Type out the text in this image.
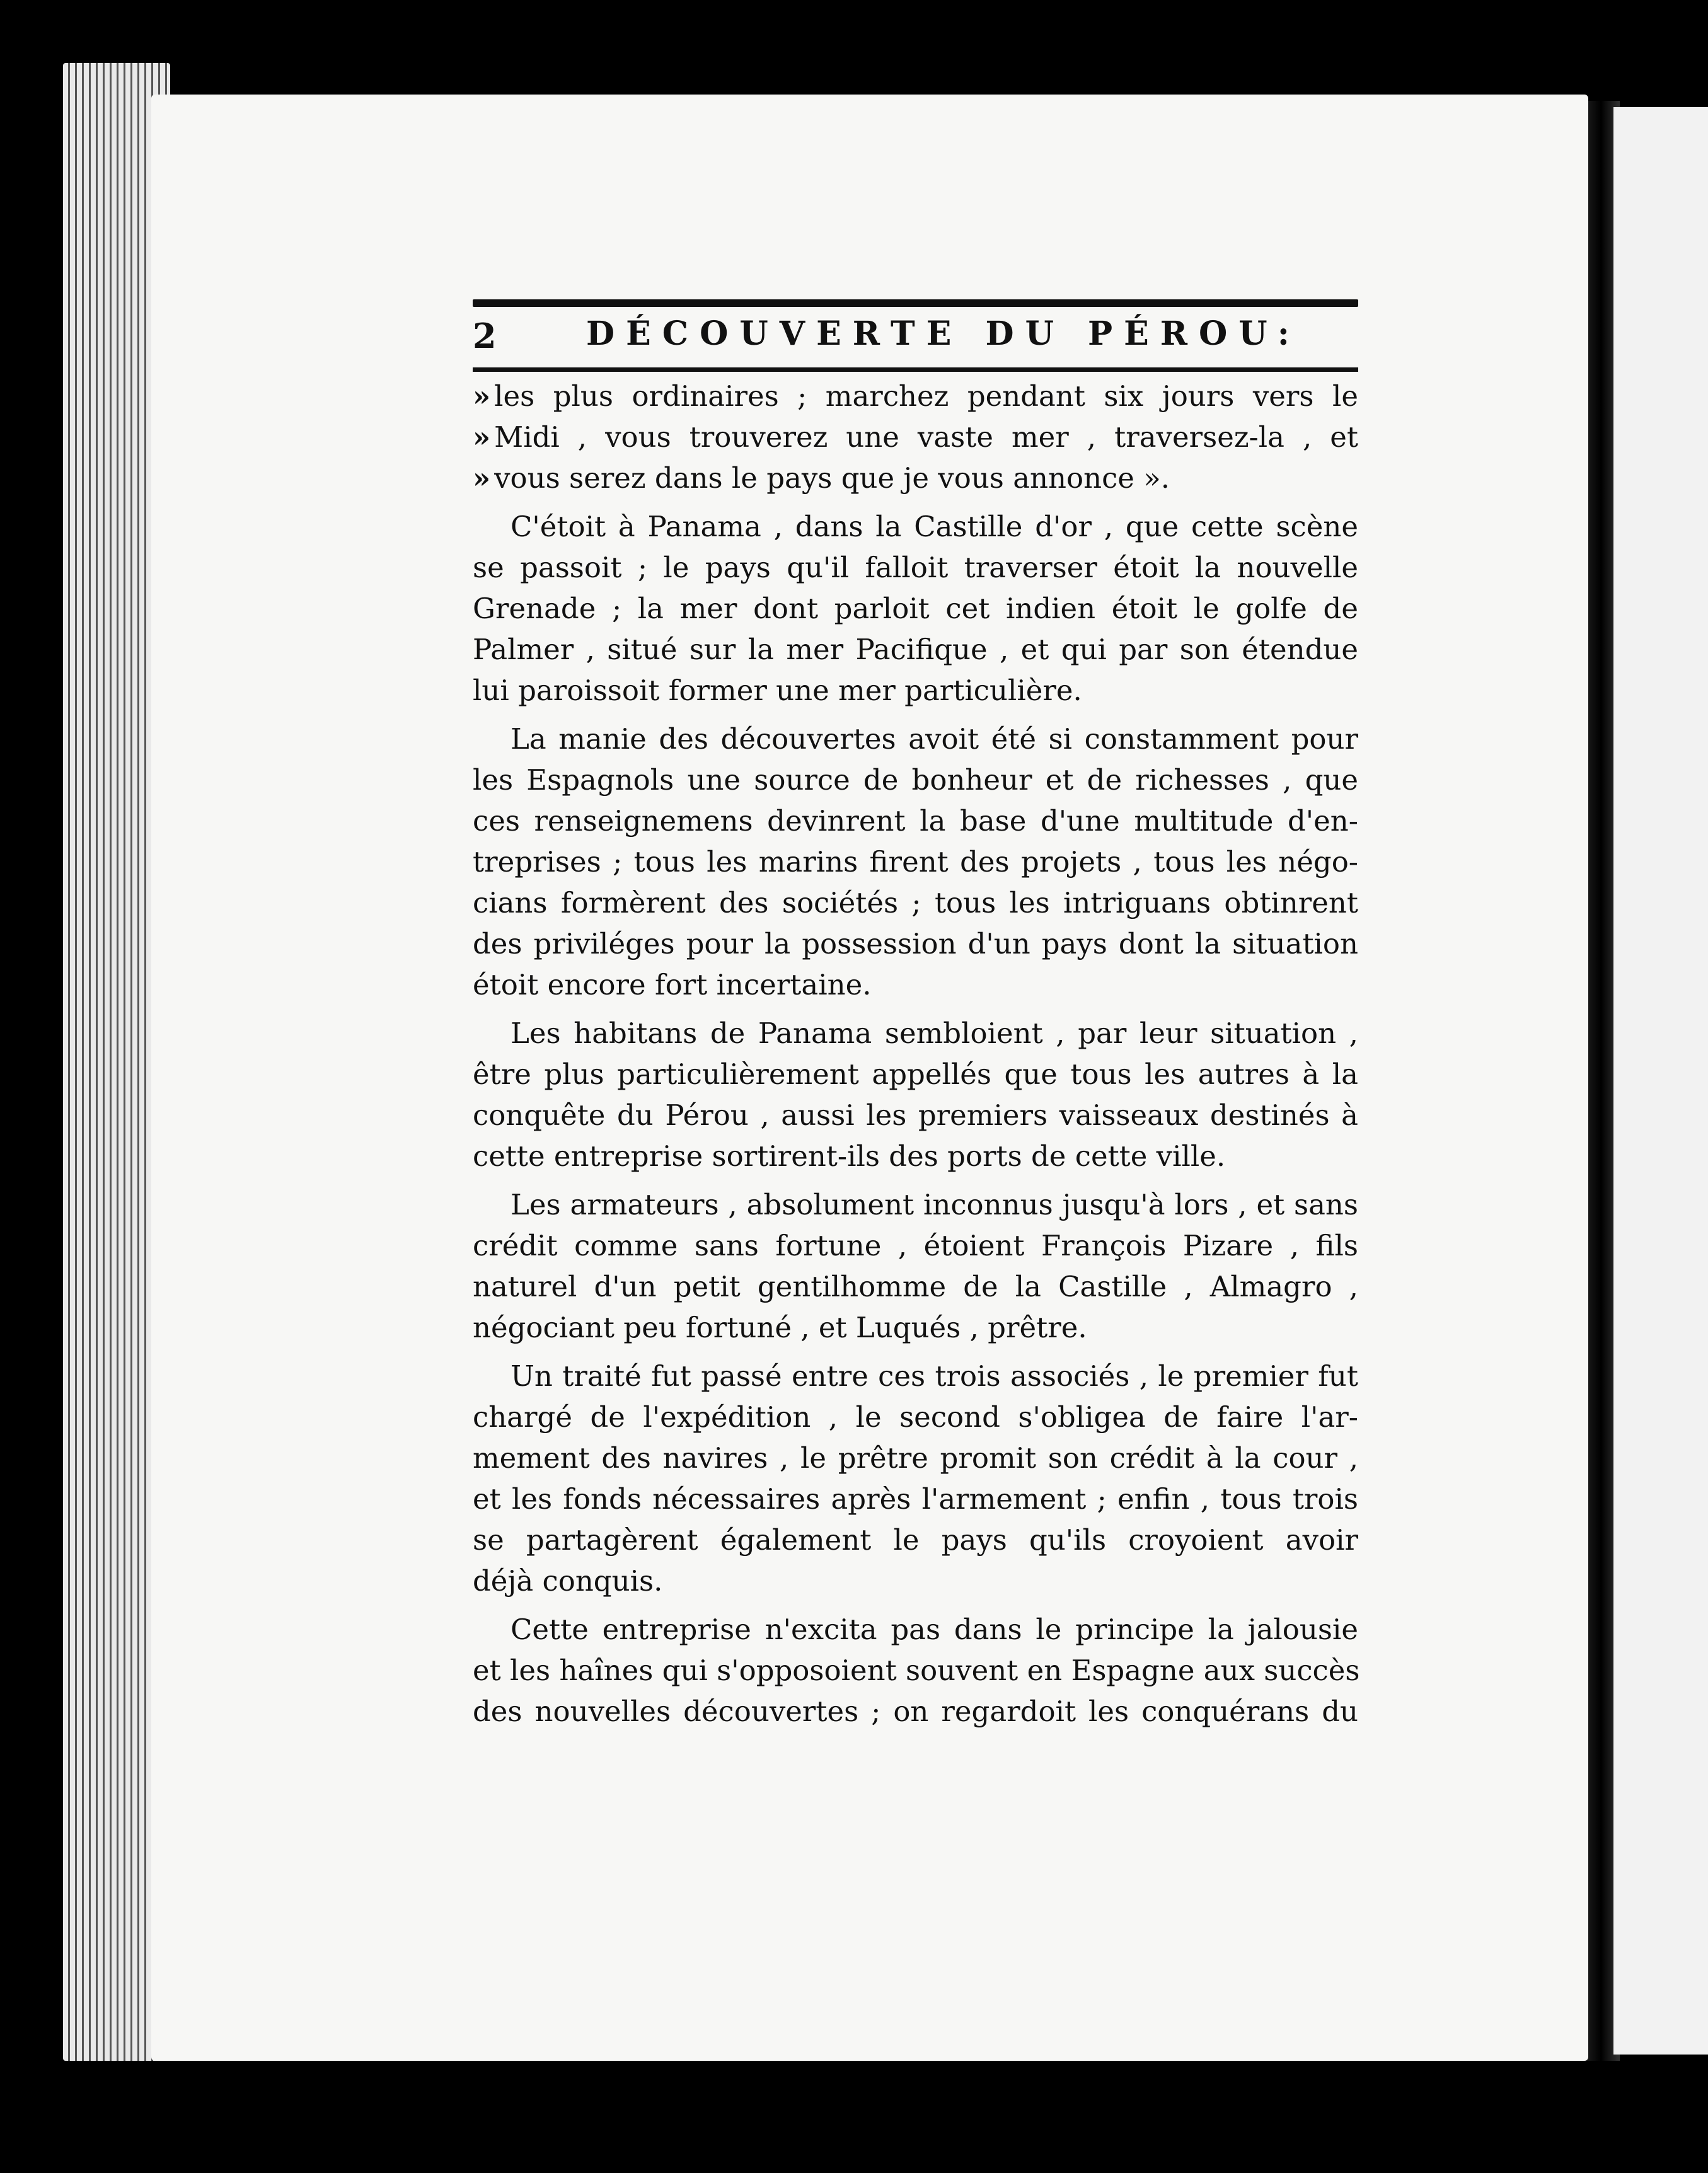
2	DÉCOUVERTE DU PÉROU:
» les plus ordinaires ; marchez pendant six jours vers le
» Midi , vous trouverez une vaste mer , traversez-la , et
» vous serez dans le pays que je vous annonce ».
C'étoit à Panama , dans la Castille d'or , que cette scène
se passoit ; le pays qu'il falloit traverser étoit la nouvelle
Grenade ; la mer dont parloit cet indien étoit le golfe de
Palmer , situé sur la mer Pacifique , et qui par son étendue
lui paroissoit former une mer particulière.
La manie des découvertes avoit été si constamment pour
les Espagnols une source de bonheur et de richesses , que
ces renseignemens devinrent la base d'une multitude d'en-
treprises ; tous les marins firent des projets , tous les négo-
cians formèrent des sociétés ; tous les intriguans obtinrent
des priviléges pour la possession d'un pays dont la situation
étoit encore fort incertaine.
Les habitans de Panama sembloient , par leur situation ,
être plus particulièrement appellés que tous les autres à la
conquête du Pérou , aussi les premiers vaisseaux destinés à
cette entreprise sortirent-ils des ports de cette ville.
Les armateurs , absolument inconnus jusqu'à lors , et sans
crédit comme sans fortune , étoient François Pizare , fils
naturel d'un petit gentilhomme de la Castille , Almagro ,
négociant peu fortuné , et Luqués , prêtre.
Un traité fut passé entre ces trois associés , le premier fut
chargé de l'expédition , le second s'obligea de faire l'ar-
mement des navires , le prêtre promit son crédit à la cour ,
et les fonds nécessaires après l'armement ; enfin , tous trois
se partagèrent également le pays qu'ils croyoient avoir
déjà conquis.
Cette entreprise n'excita pas dans le principe la jalousie
et les haînes qui s'opposoient souvent en Espagne aux succès
des nouvelles découvertes ; on regardoit les conquérans du
